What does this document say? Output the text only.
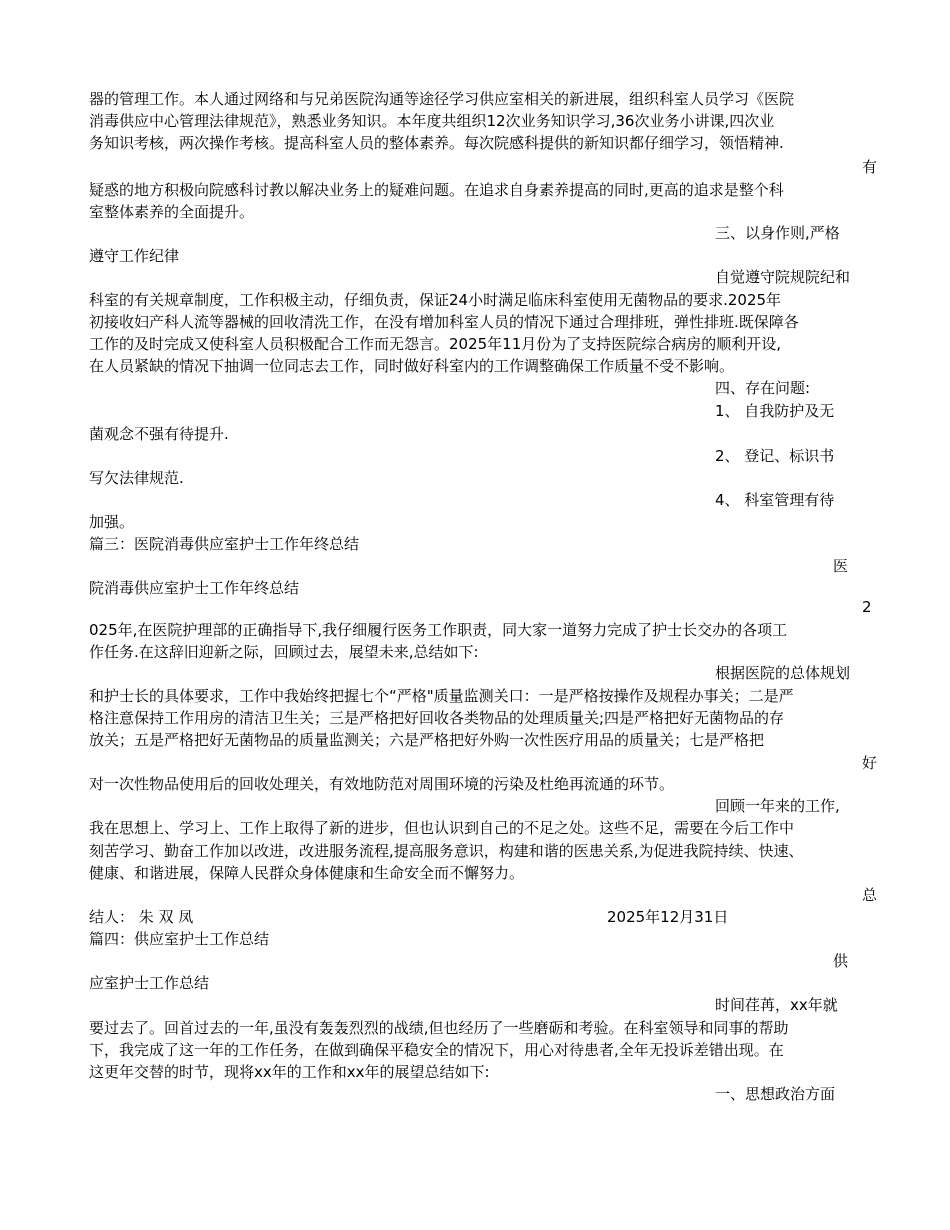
器的管理工作。本人通过网络和与兄弟医院沟通等途径学习供应室相关的新进展，组织科室人员学习《医院

消毒供应中心管理法律规范》，熟悉业务知识。本年度共组织12次业务知识学习,36次业务小讲课,四次业

务知识考核，两次操作考核。提高科室人员的整体素养。每次院感科提供的新知识都仔细学习，领悟精神.

有

疑惑的地方积极向院感科讨教以解决业务上的疑难问题。在追求自身素养提高的同时,更高的追求是整个科

室整体素养的全面提升。

三、以身作则,严格

遵守工作纪律

自觉遵守院规院纪和

科室的有关规章制度，工作积极主动，仔细负责，保证24小时满足临床科室使用无菌物品的要求.2025年

初接收妇产科人流等器械的回收清洗工作，在没有增加科室人员的情况下通过合理排班，弹性排班.既保障各

工作的及时完成又使科室人员积极配合工作而无怨言。2025年11月份为了支持医院综合病房的顺利开设,

在人员紧缺的情况下抽调一位同志去工作，同时做好科室内的工作调整确保工作质量不受不影响。

四、存在问题:

1、 自我防护及无

菌观念不强有待提升.

2、 登记、标识书

写欠法律规范.

4、 科室管理有待

加强。

篇三：医院消毒供应室护士工作年终总结

医

院消毒供应室护士工作年终总结

2

025年,在医院护理部的正确指导下,我仔细履行医务工作职责，同大家一道努力完成了护士长交办的各项工

作任务.在这辞旧迎新之际，回顾过去，展望未来,总结如下:

根据医院的总体规划

和护士长的具体要求，工作中我始终把握七个“严格"质量监测关口：一是严格按操作及规程办事关；二是严

格注意保持工作用房的清洁卫生关；三是严格把好回收各类物品的处理质量关;四是严格把好无菌物品的存

放关；五是严格把好无菌物品的质量监测关；六是严格把好外购一次性医疗用品的质量关；七是严格把

好

对一次性物品使用后的回收处理关，有效地防范对周围环境的污染及杜绝再流通的环节。

回顾一年来的工作,

我在思想上、学习上、工作上取得了新的进步，但也认识到自己的不足之处。这些不足，需要在今后工作中

刻苦学习、勤奋工作加以改进，改进服务流程,提高服务意识，构建和谐的医患关系,为促进我院持续、快速、

健康、和谐进展，保障人民群众身体健康和生命安全而不懈努力。

总

结人： 朱 双 凤	2025年12月31日

篇四：供应室护士工作总结

供

应室护士工作总结

时间荏苒，xx年就

要过去了。回首过去的一年,虽没有轰轰烈烈的战绩,但也经历了一些磨砺和考验。在科室领导和同事的帮助

下，我完成了这一年的工作任务，在做到确保平稳安全的情况下，用心对待患者,全年无投诉差错出现。在

这更年交替的时节，现将xx年的工作和xx年的展望总结如下:

一、思想政治方面
